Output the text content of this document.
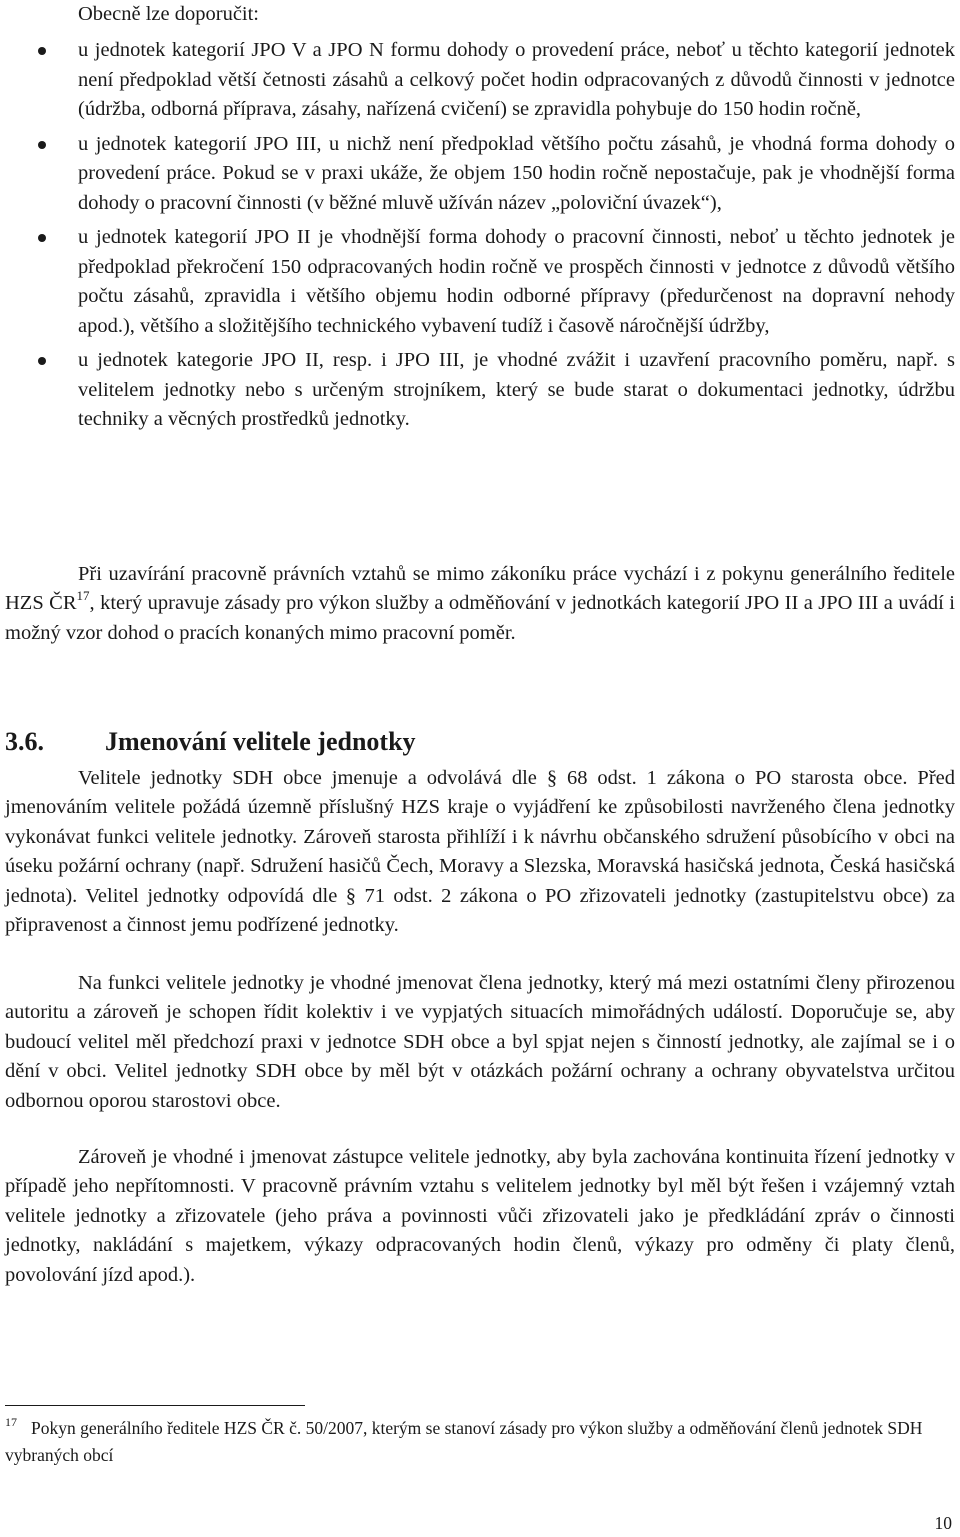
Obecně lze doporučit:

u jednotek kategorií JPO V a JPO N formu dohody o provedení práce, neboť u těchto kategorií jednotek není předpoklad větší četnosti zásahů a celkový počet hodin odpracovaných z důvodů činnosti v jednotce (údržba, odborná příprava, zásahy, nařízená cvičení) se zpravidla pohybuje do 150 hodin ročně,
u jednotek kategorií JPO III, u nichž není předpoklad většího počtu zásahů, je vhodná forma dohody o provedení práce. Pokud se v praxi ukáže, že objem 150 hodin ročně nepostačuje, pak je vhodnější forma dohody o pracovní činnosti (v běžné mluvě užíván název „poloviční úvazek“),
u jednotek kategorií JPO II je vhodnější forma dohody o pracovní činnosti, neboť u těchto jednotek je předpoklad překročení 150 odpracovaných hodin ročně ve prospěch činnosti v jednotce z důvodů většího počtu zásahů, zpravidla i většího objemu hodin odborné přípravy (předurčenost na dopravní nehody apod.), většího a složitějšího technického vybavení tudíž i časově náročnější údržby,
u jednotek kategorie JPO II, resp. i JPO III, je vhodné zvážit i uzavření pracovního poměru, např. s velitelem jednotky nebo s určeným strojníkem, který se bude starat o dokumentaci jednotky, údržbu techniky a věcných prostředků jednotky.

Při uzavírání pracovně právních vztahů se mimo zákoníku práce vychází i z pokynu generálního ředitele HZS ČR$^{17}$, který upravuje zásady pro výkon služby a odměňování v jednotkách kategorií JPO II a JPO III a uvádí i možný vzor dohod o pracích konaných mimo pracovní poměr.

3.6. Jmenování velitele jednotky

Velitele jednotky SDH obce jmenuje a odvolává dle § 68 odst. 1 zákona o PO starosta obce. Před jmenováním velitele požádá územně příslušný HZS kraje o vyjádření ke způsobilosti navrženého člena jednotky vykonávat funkci velitele jednotky. Zároveň starosta přihlíží i k návrhu občanského sdružení působícího v obci na úseku požární ochrany (např. Sdružení hasičů Čech, Moravy a Slezska, Moravská hasičská jednota, Česká hasičská jednota). Velitel jednotky odpovídá dle § 71 odst. 2 zákona o PO zřizovateli jednotky (zastupitelstvu obce) za připravenost a činnost jemu podřízené jednotky.

Na funkci velitele jednotky je vhodné jmenovat člena jednotky, který má mezi ostatními členy přirozenou autoritu a zároveň je schopen řídit kolektiv i ve vypjatých situacích mimořádných událostí. Doporučuje se, aby budoucí velitel měl předchozí praxi v jednotce SDH obce a byl spjat nejen s činností jednotky, ale zajímal se i o dění v obci. Velitel jednotky SDH obce by měl být v otázkách požární ochrany a ochrany obyvatelstva určitou odbornou oporou starostovi obce.

Zároveň je vhodné i jmenovat zástupce velitele jednotky, aby byla zachována kontinuita řízení jednotky v případě jeho nepřítomnosti. V pracovně právním vztahu s velitelem jednotky byl měl být řešen i vzájemný vztah velitele jednotky a zřizovatele (jeho práva a povinnosti vůči zřizovateli jako je předkládání zpráv o činnosti jednotky, nakládání s majetkem, výkazy odpracovaných hodin členů, výkazy pro odměny či platy členů, povolování jízd apod.).

$^{17}$ Pokyn generálního ředitele HZS ČR č. 50/2007, kterým se stanoví zásady pro výkon služby a odměňování členů jednotek SDH vybraných obcí

10
